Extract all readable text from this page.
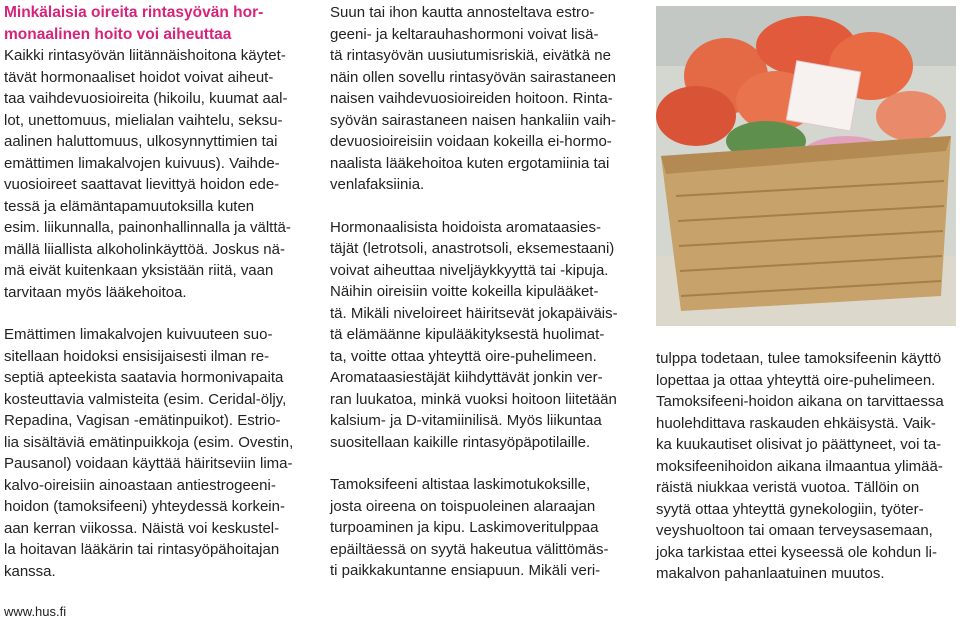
Minkälaisia oireita rintasyövän hor-
monaalinen hoito voi aiheuttaa
Kaikki rintasyövän liitännäishoitona käytet-
tävät hormonaaliset hoidot voivat aiheut-
taa vaihdevuosioireita (hikoilu, kuumat aal-
lot, unettomuus, mielialan vaihtelu, seksu-
aalinen haluttomuus, ulkosynnyttimien tai
emättimen limakalvojen kuivuus). Vaihde-
vuosioireet saattavat lievittyä hoidon ede-
tessä ja elämäntapamuutoksilla kuten
esim. liikunnalla, painonhallinnalla ja välttä-
mällä liiallista alkoholinkäyttöä. Joskus nä-
mä eivät kuitenkaan yksistään riitä, vaan
tarvitaan myös lääkehoitoa.
Emättimen limakalvojen kuivuuteen suo-
sitellaan hoidoksi ensisijaisesti ilman re-
septiä apteekista saatavia hormonivapaita
kosteuttavia valmisteita (esim. Ceridal-öljy,
Repadina, Vagisan -emätinpuikot). Estrio-
lia sisältäviä emätinpuikkoja (esim. Ovestin,
Pausanol) voidaan käyttää häiritseviin lima-
kalvo-oireisiin ainoastaan antiestrogeeni-
hoidon (tamoksifeeni) yhteydessä korkein-
aan kerran viikossa. Näistä voi keskustel-
la hoitavan lääkärin tai rintasyöpähoitajan
kanssa.
Suun tai ihon kautta annosteltava estro-
geeni- ja keltarauhashormoni voivat lisä-
tä rintasyövän uusiutumisriskiä, eivätkä ne
näin ollen sovellu rintasyövän sairastaneen
naisen vaihdevuosioireiden hoitoon. Rinta-
syövän sairastaneen naisen hankaliin vaih-
devuosioireisiin voidaan kokeilla ei-hormo-
naalista lääkehoitoa kuten ergotamiinia tai
venlafaksiinia.
Hormonaalisista hoidoista aromataasies-
täjät (letrotsoli, anastrotsoli, eksemestaani)
voivat aiheuttaa niveljäykkyyttä tai -kipuja.
Näihin oireisiin voitte kokeilla kipulääket-
tä. Mikäli niveloireet häiritsevät jokapäiväis-
tä elämäänne kipulääkityksestä huolimat-
ta, voitte ottaa yhteyttä oire-puhelimeen.
Aromataasiestäjät kiihdyttävät jonkin ver-
ran luukatoa, minkä vuoksi hoitoon liitetään
kalsium- ja D-vitamiinilisä. Myös liikuntaa
suositellaan kaikille rintasyöpäpotilaille.
Tamoksifeeni altistaa laskimotukoksille,
josta oireena on toispuoleinen alaraajan
turpoaminen ja kipu. Laskimoveritulppaa
epäiltäessä on syytä hakeutua välittömäs-
ti paikkakuntanne ensiapuun. Mikäli veri-
tulppa todetaan, tulee tamoksifeenin käyttö
lopettaa ja ottaa yhteyttä oire-puhelimeen.
Tamoksifeeni-hoidon aikana on tarvittaessa
huolehdittava raskauden ehkäisystä. Vaik-
ka kuukautiset olisivat jo päättyneet, voi ta-
moksifeenihoidon aikana ilmaantua ylimää-
räistä niukkaa veristä vuotoa. Tällöin on
syytä ottaa yhteyttä gynekologiin, työter-
veyshuoltoon tai omaan terveysasemaan,
joka tarkistaa ettei kyseessä ole kohdun li-
makalvon pahanlaatuinen muutos.
www.hus.fi
